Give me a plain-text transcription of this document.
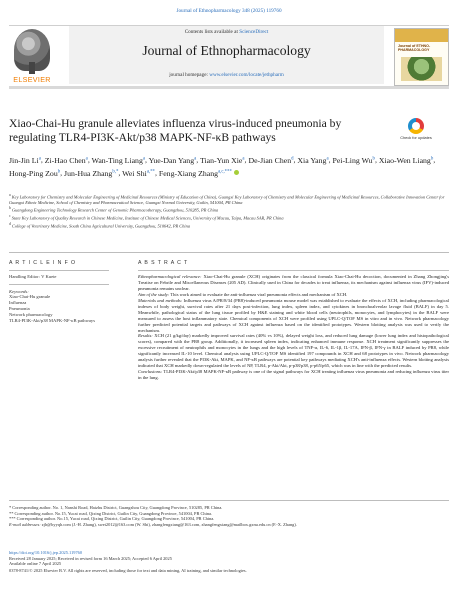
Journal of Ethnopharmacology 348 (2025) 119760
ELSEVIER
Contents lists available at ScienceDirect
Journal of Ethnopharmacology
journal homepage: www.elsevier.com/locate/jethpharm
Journal of ETHNO-PHARMACOLOGY
Xiao-Chai-Hu granule alleviates influenza virus-induced pneumonia by regulating TLR4-PI3K-Akt/p38 MAPK-NF-κB pathways	Check for updates
Jin-Jin Li$^a$, Zi-Hao Chen$^a$, Wan-Ting Liang$^a$, Yue-Dan Yang$^a$, Tian-Yun Xie$^a$, De-Jian Chen$^d$, Xia Yang$^a$, Pei-Ling Wu$^b$, Xiao-Wen Liang$^b$, Hong-Ping Zou$^b$, Jun-Hua Zhang$^{b,*}$, Wei Shi$^{a,**}$, Feng-Xiang Zhang$^{a,c,***}$

$^a$ Key Laboratory for Chemistry and Molecular Engineering of Medicinal Resources (Ministry of Education of China), Guangxi Key Laboratory of Chemistry and Molecular Engineering of Medicinal Resources, Collaborative Innovation Center for Guangxi Ethnic Medicine, School of Chemistry and Pharmaceutical Science, Guangxi Normal University, Guilin, 541004, PR China

$^b$ Guangdong Engineering Technology Research Center of Genomic Pharmacotherapy, Guangzhou, 510285, PR China

$^c$ State Key Laboratory of Quality Research in Chinese Medicine, Institute of Chinese Medical Sciences, University of Macau, Taipa, Macau SAR, PR China

$^d$ College of Veterinary Medicine, South China Agricultural University, Guangzhou, 510642, PR China

A R T I C L E I N F O
Handling Editor: V Kuete
Keywords:
Xiao-Chai-Hu granule
Influenza
Pneumonia
Network pharmacology
TLR4-PI3K-Akt/p38 MAPK-NF-κB pathways
A B S T R A C T

Ethnopharmacological relevance: Xiao-Chai-Hu granule (XCH) originates from the classical formula Xiao-Chai-Hu decoction, documented in Zhang Zhongjing's Treatise on Febrile and Miscellaneous Diseases (205 AD). Clinically used in China for decades to treat influenza, its mechanism against influenza virus (IFV)-induced pneumonia remains unclear.

Aim of the study: This work aimed to evaluate the anti-influenza viral pneumonia effects and mechanism of XCH.

Materials and methods: Influenza virus A/PR/8/34 (PR8)-induced pneumonia mouse model was established to evaluate the effects of XCH, including pharmacological indexes of body weight, survival rates after 21 days post-infection, lung index, spleen index, and cytokines in bronchoalveolar lavage fluid (BALF) in day 5. Meanwhile, pathological status of the lung tissue profiled by H&E staining and white blood cells (neutrophils, monocytes, and lymphocytes) in the BALF were measured to assess the host inflammatory state. Chemical components of XCH were profiled using UPLC-Q/TOF MS in vitro and in vivo. Network pharmacology further predicted potential targets and pathways of XCH against influenza based on the identified prototypes. Western blotting analysis was used to verify the mechanism.

Results: XCH (21 g/kg/day) markedly improved survival rates (40% vs 10%), delayed weight loss, and reduced lung damage (lower lung index and histopathological scores), compared with the PR8 group. Additionally, it increased spleen index, indicating enhanced immune response. XCH treatment significantly suppresses the excessive recruitment of neutrophils and monocytes in the lungs and the high levels of TNF-α, IL-6, IL-1β, IL-17A, IFN-β, IFN-γ in BALF induced by PR8, while significantly increased IL-10 level. Chemical analysis using UPLC-Q/TOF MS identified 197 compounds in XCH and 68 prototypes in vivo. Network pharmacology analysis further revealed that the PI3K-Akt, MAPK, and NF-κB pathways are potential key pathways mediating XCH's anti-influenza effects. Western blotting analysis indicated that XCH markedly down-regulated the levels of NP, TLR4, p-Akt/Akt, p-p38/p38, p-p65/p65, which was in line with the predicted results.

Conclusions: TLR4-PI3K-Akt/p38 MAPK-NF-κB pathway is one of the signal pathways for XCH treating influenza virus pneumonia and reducing influenza virus titer in the lung.

* Corresponding author. No. 1, Nanshi Road, Haizhu District, Guangzhou City, Guangdong Province, 510285, PR China.
** Corresponding author. No.15, Yucai road, Qixing District, Guilin City, Guangdong Province, 541004, PR China.
*** Corresponding author. No.15, Yucai road, Qixing District, Guilin City, Guangdong Province, 541004, PR China.
E-mail addresses: zjh@byyqh.com (J.-H. Zhang), swei2012@163.com (W. Shi), zhangfengxiang@163.com, zhangfengxiang@mailbox.gxnu.edu.cn (F.-X. Zhang).
https://doi.org/10.1016/j.jep.2025.119760
Received 28 January 2025; Received in revised form 16 March 2025; Accepted 6 April 2025
Available online 7 April 2025
0378-8741/© 2025 Elsevier B.V. All rights are reserved, including those for text and data mining, AI training, and similar technologies.
